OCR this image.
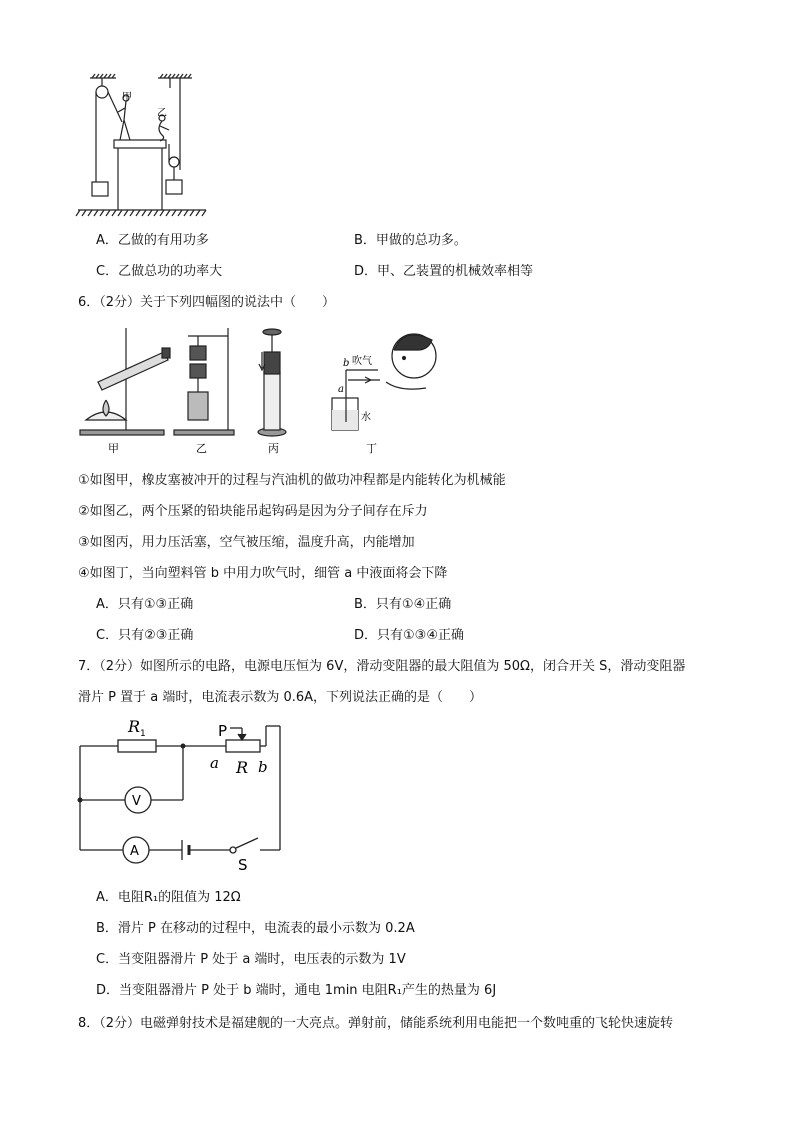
甲
乙
A．乙做的有用功多	B．甲做的总功多。
C．乙做总功的功率大	D．甲、乙装置的机械效率相等
6．（2分）关于下列四幅图的说法中（　　）
甲	乙	丙	丁
吹气
b
a
水
①如图甲，橡皮塞被冲开的过程与汽油机的做功冲程都是内能转化为机械能
②如图乙，两个压紧的铅块能吊起钩码是因为分子间存在斥力
③如图丙，用力压活塞，空气被压缩，温度升高，内能增加
④如图丁，当向塑料管 b 中用力吹气时，细管 a 中液面将会下降
A．只有①③正确	B．只有①④正确
C．只有②③正确	D．只有①③④正确
7．（2分）如图所示的电路，电源电压恒为 6V，滑动变阻器的最大阻值为 50Ω，闭合开关 S，滑动变阻器
滑片 P 置于 a 端时，电流表示数为 0.6A，下列说法正确的是（　　）
R 1	P
a R b
V
A
S
A．电阻R₁的阻值为 12Ω
B．滑片 P 在移动的过程中，电流表的最小示数为 0.2A
C．当变阻器滑片 P 处于 a 端时，电压表的示数为 1V
D．当变阻器滑片 P 处于 b 端时，通电 1min 电阻R₁产生的热量为 6J
8．（2分）电磁弹射技术是福建舰的一大亮点。弹射前，储能系统利用电能把一个数吨重的飞轮快速旋转
